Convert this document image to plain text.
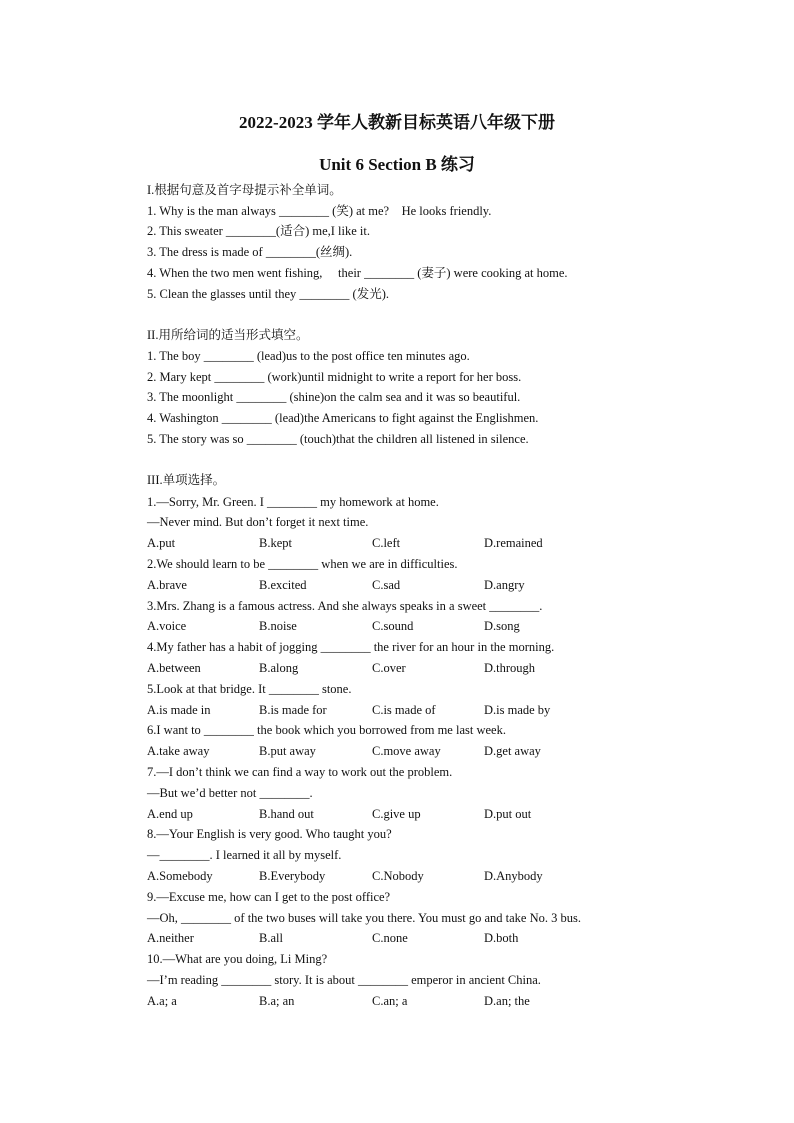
2022-2023 学年人教新目标英语八年级下册
Unit 6 Section B 练习
I.根据句意及首字母提示补全单词。
1. Why is the man always ________ (笑) at me?    He looks friendly.
2. This sweater ________(适合) me,I like it.
3. The dress is made of ________(丝绸).
4. When the two men went fishing,     their ________ (妻子) were cooking at home.
5. Clean the glasses until they ________ (发光).
II.用所给词的适当形式填空。
1. The boy ________ (lead)us to the post office ten minutes ago.
2. Mary kept ________ (work)until midnight to write a report for her boss.
3. The moonlight ________ (shine)on the calm sea and it was so beautiful.
4. Washington ________ (lead)the Americans to fight against the Englishmen.
5. The story was so ________ (touch)that the children all listened in silence.
III.单项选择。
1.—Sorry, Mr. Green. I ________ my homework at home.
—Never mind. But don’t forget it next time.
A.put	B.kept	C.left	D.remained
2.We should learn to be ________ when we are in difficulties.
A.brave	B.excited	C.sad	D.angry
3.Mrs. Zhang is a famous actress. And she always speaks in a sweet ________.
A.voice	B.noise	C.sound	D.song
4.My father has a habit of jogging ________ the river for an hour in the morning.
A.between	B.along	C.over	D.through
5.Look at that bridge. It ________ stone.
A.is made in	B.is made for	C.is made of	D.is made by
6.I want to ________ the book which you borrowed from me last week.
A.take away	B.put away	C.move away	D.get away
7.—I don’t think we can find a way to work out the problem.
—But we’d better not ________.
A.end up	B.hand out	C.give up	D.put out
8.—Your English is very good. Who taught you?
—________. I learned it all by myself.
A.Somebody	B.Everybody	C.Nobody	D.Anybody
9.—Excuse me, how can I get to the post office?
—Oh, ________ of the two buses will take you there. You must go and take No. 3 bus.
A.neither	B.all	C.none	D.both
10.—What are you doing, Li Ming?
—I’m reading ________ story. It is about ________ emperor in ancient China.
A.a; a	B.a; an	C.an; a	D.an; the
